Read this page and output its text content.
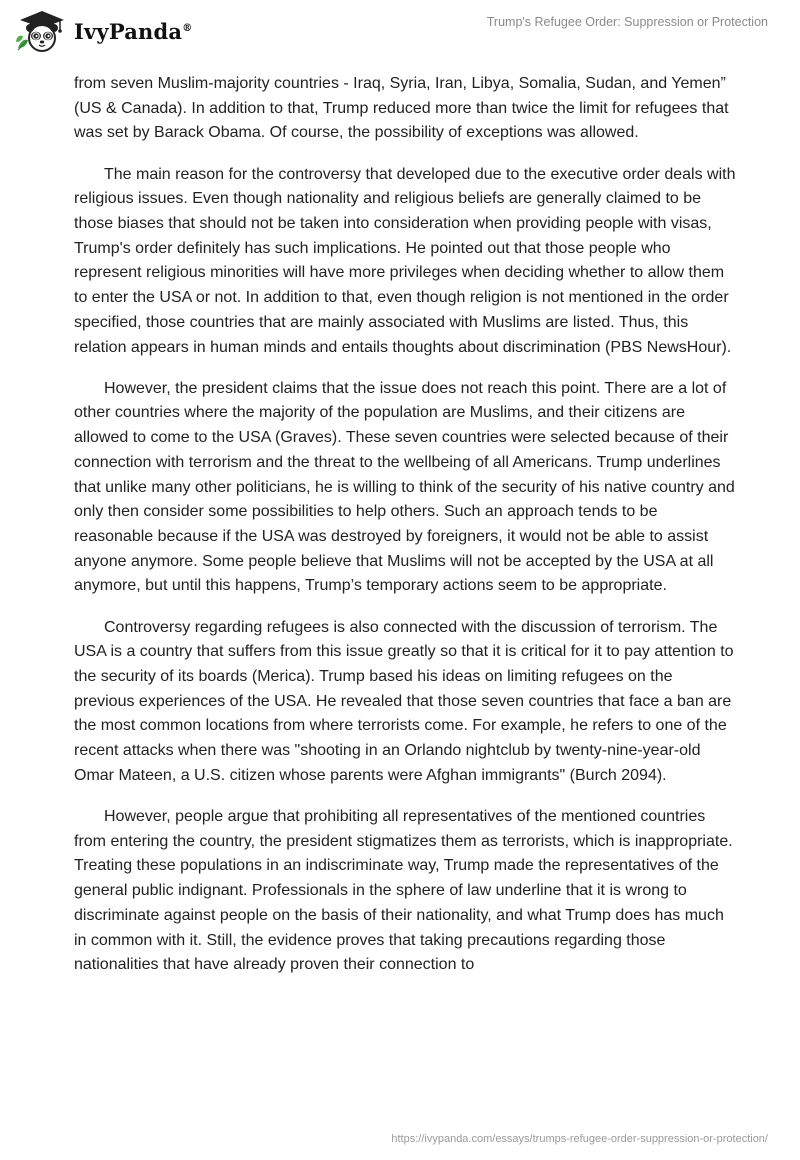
IvyPanda®	Trump's Refugee Order: Suppression or Protection

from seven Muslim-majority countries - Iraq, Syria, Iran, Libya, Somalia, Sudan, and Yemen” (US & Canada). In addition to that, Trump reduced more than twice the limit for refugees that was set by Barack Obama. Of course, the possibility of exceptions was allowed.

The main reason for the controversy that developed due to the executive order deals with religious issues. Even though nationality and religious beliefs are generally claimed to be those biases that should not be taken into consideration when providing people with visas, Trump's order definitely has such implications. He pointed out that those people who represent religious minorities will have more privileges when deciding whether to allow them to enter the USA or not. In addition to that, even though religion is not mentioned in the order specified, those countries that are mainly associated with Muslims are listed. Thus, this relation appears in human minds and entails thoughts about discrimination (PBS NewsHour).

However, the president claims that the issue does not reach this point. There are a lot of other countries where the majority of the population are Muslims, and their citizens are allowed to come to the USA (Graves). These seven countries were selected because of their connection with terrorism and the threat to the wellbeing of all Americans. Trump underlines that unlike many other politicians, he is willing to think of the security of his native country and only then consider some possibilities to help others. Such an approach tends to be reasonable because if the USA was destroyed by foreigners, it would not be able to assist anyone anymore. Some people believe that Muslims will not be accepted by the USA at all anymore, but until this happens, Trump’s temporary actions seem to be appropriate.

Controversy regarding refugees is also connected with the discussion of terrorism. The USA is a country that suffers from this issue greatly so that it is critical for it to pay attention to the security of its boards (Merica). Trump based his ideas on limiting refugees on the previous experiences of the USA. He revealed that those seven countries that face a ban are the most common locations from where terrorists come. For example, he refers to one of the recent attacks when there was "shooting in an Orlando nightclub by twenty-nine-year-old Omar Mateen, a U.S. citizen whose parents were Afghan immigrants" (Burch 2094).

However, people argue that prohibiting all representatives of the mentioned countries from entering the country, the president stigmatizes them as terrorists, which is inappropriate. Treating these populations in an indiscriminate way, Trump made the representatives of the general public indignant. Professionals in the sphere of law underline that it is wrong to discriminate against people on the basis of their nationality, and what Trump does has much in common with it. Still, the evidence proves that taking precautions regarding those nationalities that have already proven their connection to

https://ivypanda.com/essays/trumps-refugee-order-suppression-or-protection/
